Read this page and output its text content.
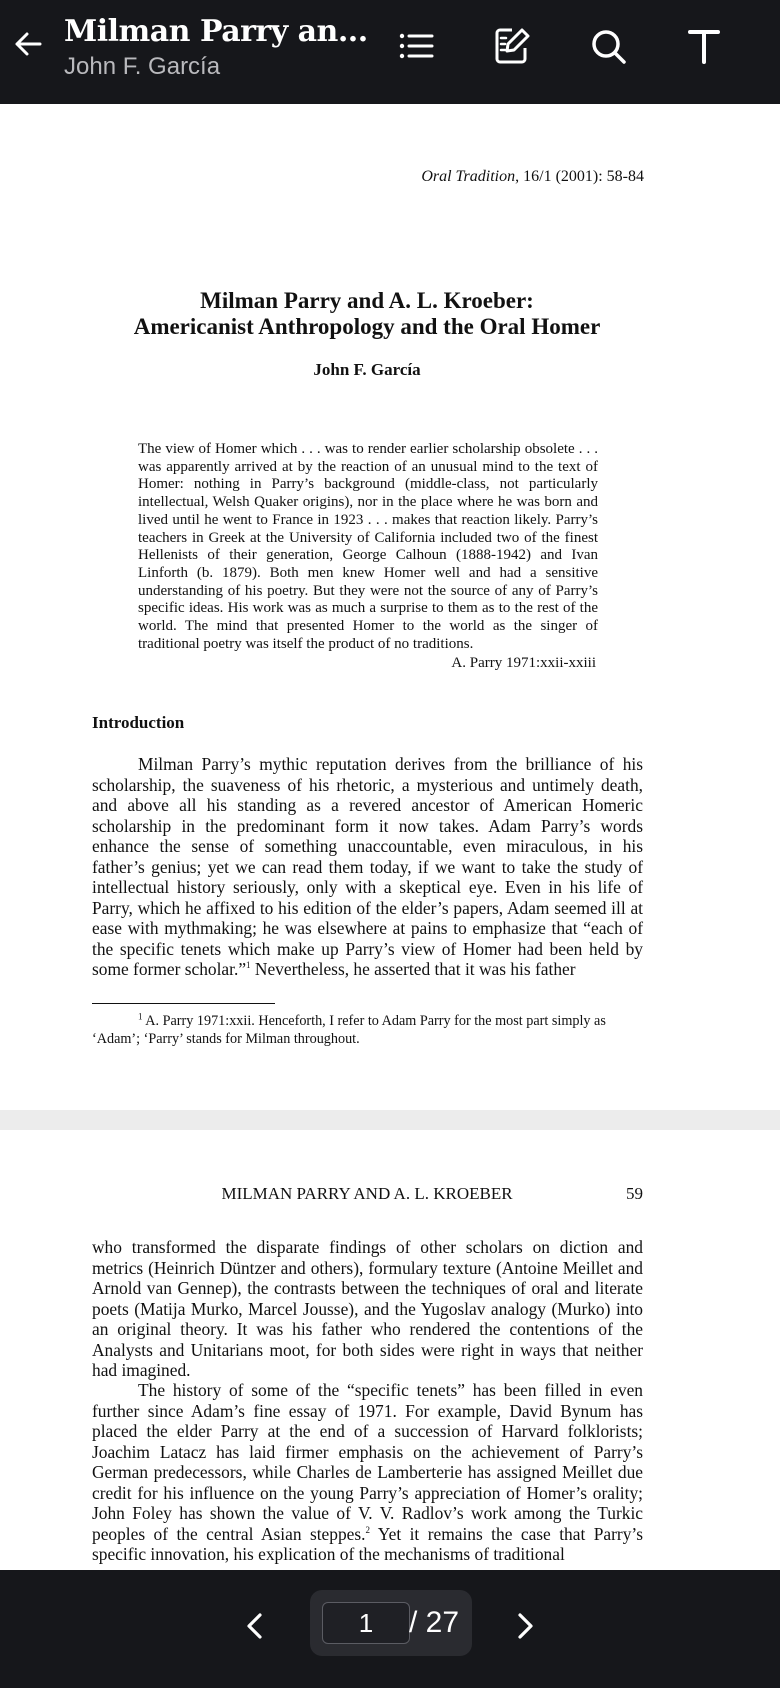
Milman Parry an...
John F. García
Oral Tradition, 16/1 (2001): 58-84
Milman Parry and A. L. Kroeber:
Americanist Anthropology and the Oral Homer
John F. García
The view of Homer which . . . was to render earlier scholarship obsolete . . . was apparently arrived at by the reaction of an unusual mind to the text of Homer: nothing in Parry’s background (middle-class, not particularly intellectual, Welsh Quaker origins), nor in the place where he was born and lived until he went to France in 1923 . . . makes that reaction likely. Parry’s teachers in Greek at the University of California included two of the finest Hellenists of their generation, George Calhoun (1888-1942) and Ivan Linforth (b. 1879). Both men knew Homer well and had a sensitive understanding of his poetry. But they were not the source of any of Parry’s specific ideas. His work was as much a surprise to them as to the rest of the world. The mind that presented Homer to the world as the singer of traditional poetry was itself the product of no traditions.
A. Parry 1971:xxii-xxiii
Introduction
Milman Parry’s mythic reputation derives from the brilliance of his scholarship, the suaveness of his rhetoric, a mysterious and untimely death, and above all his standing as a revered ancestor of American Homeric scholarship in the predominant form it now takes. Adam Parry’s words enhance the sense of something unaccountable, even miraculous, in his father’s genius; yet we can read them today, if we want to take the study of intellectual history seriously, only with a skeptical eye. Even in his life of Parry, which he affixed to his edition of the elder’s papers, Adam seemed ill at ease with mythmaking; he was elsewhere at pains to emphasize that “each of the specific tenets which make up Parry’s view of Homer had been held by some former scholar.”$^1$ Nevertheless, he asserted that it was his father
$^1$ A. Parry 1971:xxii. Henceforth, I refer to Adam Parry for the most part simply as ‘Adam’; ‘Parry’ stands for Milman throughout.
MILMAN PARRY AND A. L. KROEBER	59
who transformed the disparate findings of other scholars on diction and metrics (Heinrich Düntzer and others), formulary texture (Antoine Meillet and Arnold van Gennep), the contrasts between the techniques of oral and literate poets (Matija Murko, Marcel Jousse), and the Yugoslav analogy (Murko) into an original theory. It was his father who rendered the contentions of the Analysts and Unitarians moot, for both sides were right in ways that neither had imagined.
The history of some of the “specific tenets” has been filled in even further since Adam’s fine essay of 1971. For example, David Bynum has placed the elder Parry at the end of a succession of Harvard folklorists; Joachim Latacz has laid firmer emphasis on the achievement of Parry’s German predecessors, while Charles de Lamberterie has assigned Meillet due credit for his influence on the young Parry’s appreciation of Homer’s orality; John Foley has shown the value of V. V. Radlov’s work among the Turkic peoples of the central Asian steppes.$^2$ Yet it remains the case that Parry’s specific innovation, his explication of the mechanisms of traditional
1
/ 27
